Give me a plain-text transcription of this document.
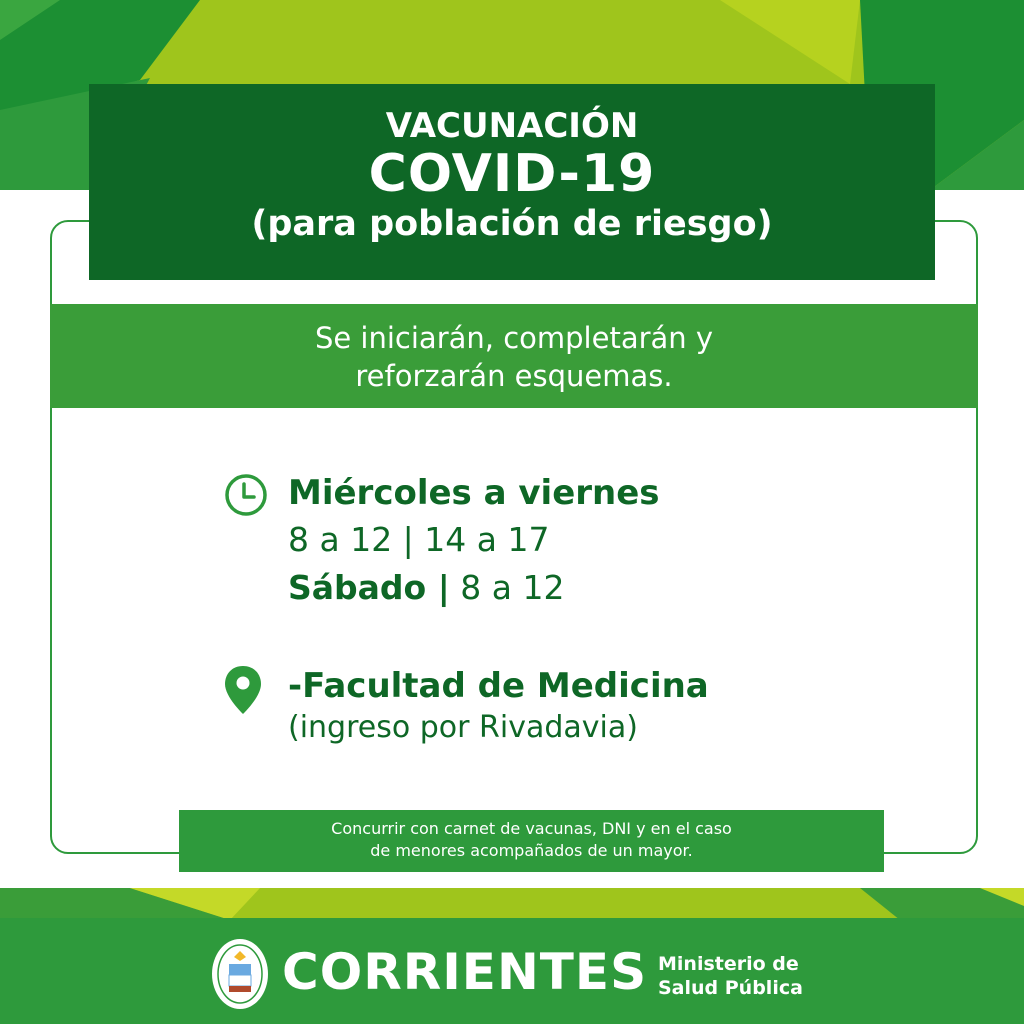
VACUNACIÓN
COVID-19
(para población de riesgo)
Se iniciarán, completarán y
reforzarán esquemas.
Miércoles a viernes
8 a 12 | 14 a 17
Sábado | 8 a 12
-Facultad de Medicina
(ingreso por Rivadavia)
Concurrir con carnet de vacunas, DNI y en el caso
de menores acompañados de un mayor.
CORRIENTES Ministerio de
Salud Pública
